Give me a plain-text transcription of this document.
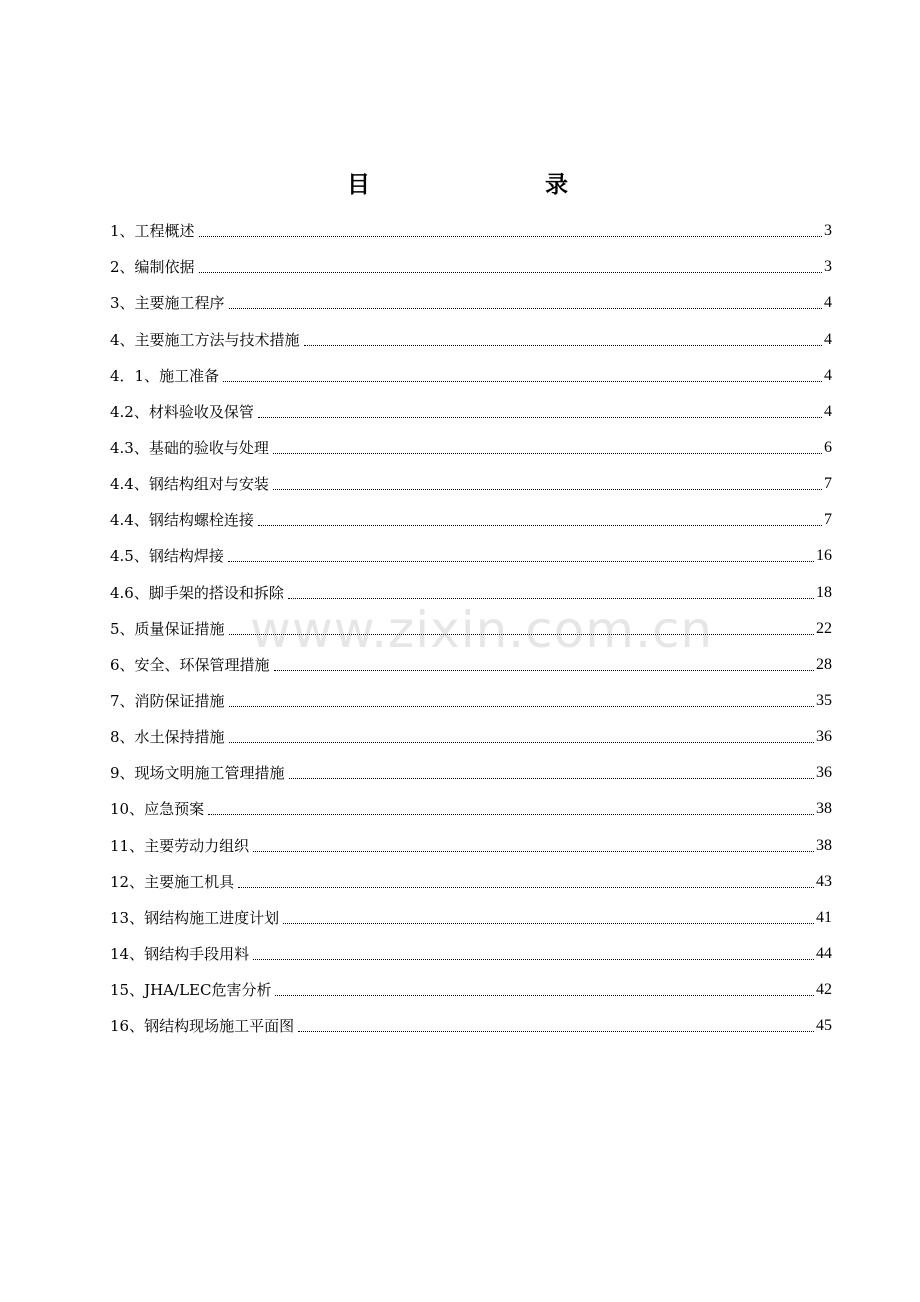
目	录
1、工程概述	3
2、编制依据	3
3、主要施工程序	4
4、主要施工方法与技术措施	4
4．1、施工准备	4
4.2、材料验收及保管	4
4.3、基础的验收与处理	6
4.4、钢结构组对与安装	7
4.4、钢结构螺栓连接	7
4.5、钢结构焊接	16
4.6、脚手架的搭设和拆除	18
5、质量保证措施	22
6、安全、环保管理措施	28
7、消防保证措施	35
8、水土保持措施	36
9、现场文明施工管理措施	36
10、应急预案	38
11、主要劳动力组织	38
12、主要施工机具	43
13、钢结构施工进度计划	41
14、钢结构手段用料	44
15、JHA/LEC危害分析	42
16、钢结构现场施工平面图	45
www.zixin.com.cn
